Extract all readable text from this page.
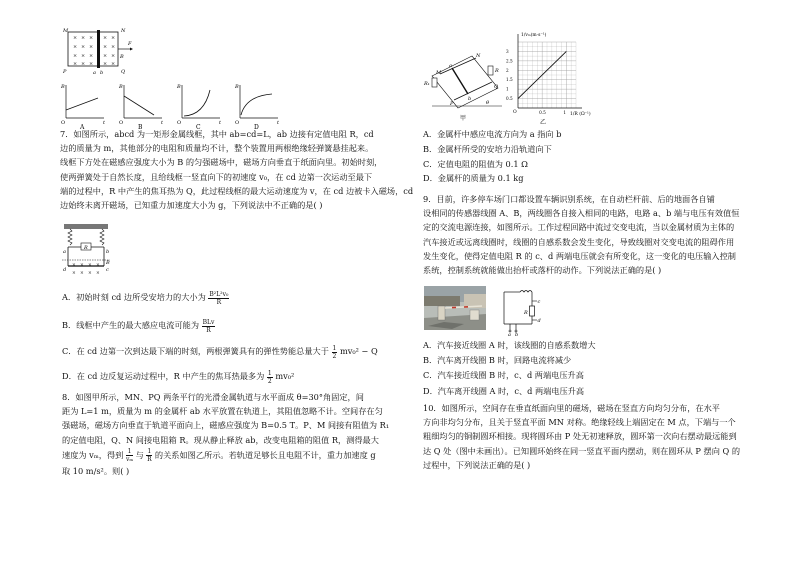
× × × × ×
× × × × ×
× × × × ×
× × × × ×
M	N
P	Q
a b
F
B
B
t
O
A
B
t
O
B
B
t
O
C
B
t
O
D
7．如图所示，abcd 为一矩形金属线框，其中 ab=cd=L，ab 边接有定值电阻 R，cd
边的质量为 m，其他部分的电阻和质量均不计，整个装置用两根绝缘轻弹簧悬挂起来。
线框下方处在磁感应强度大小为 B 的匀强磁场中，磁场方向垂直于纸面向里。初始时刻，
使两弹簧处于自然长度，且给线框一竖直向下的初速度 v₀，在 cd 边第一次运动至最下
端的过程中，R 中产生的焦耳热为 Q，此过程线框的最大运动速度为 v，在 cd 边被卡入磁场，cd
边始终未离开磁场，已知重力加速度大小为 g，下列说法中不正确的是( )
R
× × × ×
× × × ×
a	b
d	c
B
A．初始时刻 cd 边所受安培力的大小为 $\frac{\text{B²L²v₀}}{R}$
B．线框中产生的最大感应电流可能为 $\frac{\text{BLv}}{R}$
C．在 cd 边第一次到达最下端的时刻，两根弹簧具有的弹性势能总量大于 $\frac{1}{2} mv_0^2 - Q$
D．在 cd 边反复运动过程中，R 中产生的焦耳热最多为 $\frac{1}{2} mv_0^2$
8．如图甲所示，MN、PQ 两条平行的光滑金属轨道与水平面成 θ=30°角固定，间
距为 L=1 m，质量为 m 的金属杆 ab 水平放置在轨道上，其阻值忽略不计。空间存在匀
强磁场，磁场方向垂直于轨道平面向上，磁感应强度为 B=0.5 T。P、M 间接有阻值为 R₁
的定值电阻，Q、N 间接电阻箱 R。现从静止释放 ab，改变电阻箱的阻值 R，测得最大
速度为 vₘ，得到 $\frac{1}{\text{vₘ}}$ 与 $\frac{1}{R}$ 的关系如图乙所示。若轨道足够长且电阻不计，重力加速度 g
取 10 m/s²。则( )
M
N
P
Q
a
b
R₁
R
θ
甲
3
2.5
2
1.5
1
0.5
0.5	1
1/vₘ(m·s⁻¹)
1/R (Ω⁻¹)
O
乙
A．金属杆中感应电流方向为 a 指向 b
B．金属杆所受的安培力沿轨道向下
C．定值电阻的阻值为 0.1 Ω
D．金属杆的质量为 0.1 kg
9．目前，许多停车场门口都设置车辆识别系统，在自动栏杆前、后的地面各自铺
设相同的传感器线圈 A、B，两线圈各自接入相同的电路，电路 a、b 端与电压有效值恒
定的交流电源连接，如图所示。工作过程回路中流过交变电流，当以金属材质为主体的
汽车接近或远离线圈时，线圈的自感系数会发生变化，导致线圈对交变电流的阻碍作用
发生变化，使得定值电阻 R 的 c、d 两端电压就会有所变化，这一变化的电压输入控制
系统，控制系统就能做出抬杆或落杆的动作。下列说法正确的是( )
a b
c
d
R
A．汽车接近线圈 A 时，该线圈的自感系数增大
B．汽车离开线圈 B 时，回路电流将减少
C．汽车接近线圈 B 时，c、d 两端电压升高
D．汽车离开线圈 A 时，c、d 两端电压升高
10．如图所示，空间存在垂直纸面向里的磁场，磁场在竖直方向均匀分布，在水平
方向非均匀分布，且关于竖直平面 MN 对称。绝缘轻线上端固定在 M 点，下端与一个
粗细均匀的铜制圆环相接。现将圆环由 P 处无初速释放，圆环第一次向右摆动最远能到
达 Q 处（图中未画出）。已知圆环始终在同一竖直平面内摆动，则在圆环从 P 摆向 Q 的
过程中，下列说法正确的是( )
